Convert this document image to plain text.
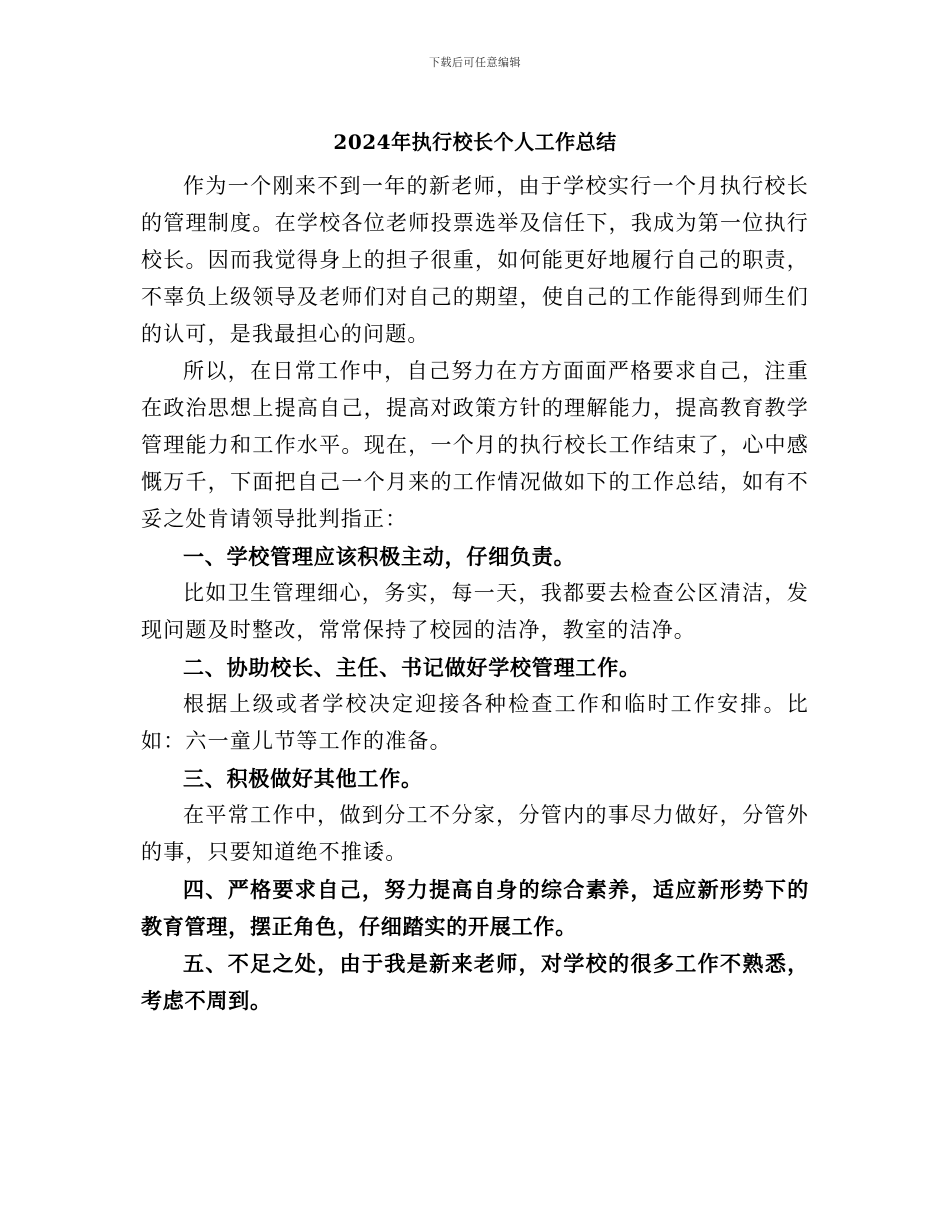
下载后可任意编辑
2024年执行校长个人工作总结

作为一个刚来不到一年的新老师，由于学校实行一个月执行校长的管理制度。在学校各位老师投票选举及信任下，我成为第一位执行校长。因而我觉得身上的担子很重，如何能更好地履行自己的职责，不辜负上级领导及老师们对自己的期望，使自己的工作能得到师生们的认可，是我最担心的问题。

所以，在日常工作中，自己努力在方方面面严格要求自己，注重在政治思想上提高自己，提高对政策方针的理解能力，提高教育教学管理能力和工作水平。现在，一个月的执行校长工作结束了，心中感慨万千，下面把自己一个月来的工作情况做如下的工作总结，如有不妥之处肯请领导批判指正：

一、学校管理应该积极主动，仔细负责。

比如卫生管理细心，务实，每一天，我都要去检查公区清洁，发现问题及时整改，常常保持了校园的洁净，教室的洁净。

二、协助校长、主任、书记做好学校管理工作。

根据上级或者学校决定迎接各种检查工作和临时工作安排。比如：六一童儿节等工作的准备。

三、积极做好其他工作。

在平常工作中，做到分工不分家，分管内的事尽力做好，分管外的事，只要知道绝不推诿。

四、严格要求自己，努力提高自身的综合素养，适应新形势下的教育管理，摆正角色，仔细踏实的开展工作。

五、不足之处，由于我是新来老师，对学校的很多工作不熟悉，考虑不周到。
